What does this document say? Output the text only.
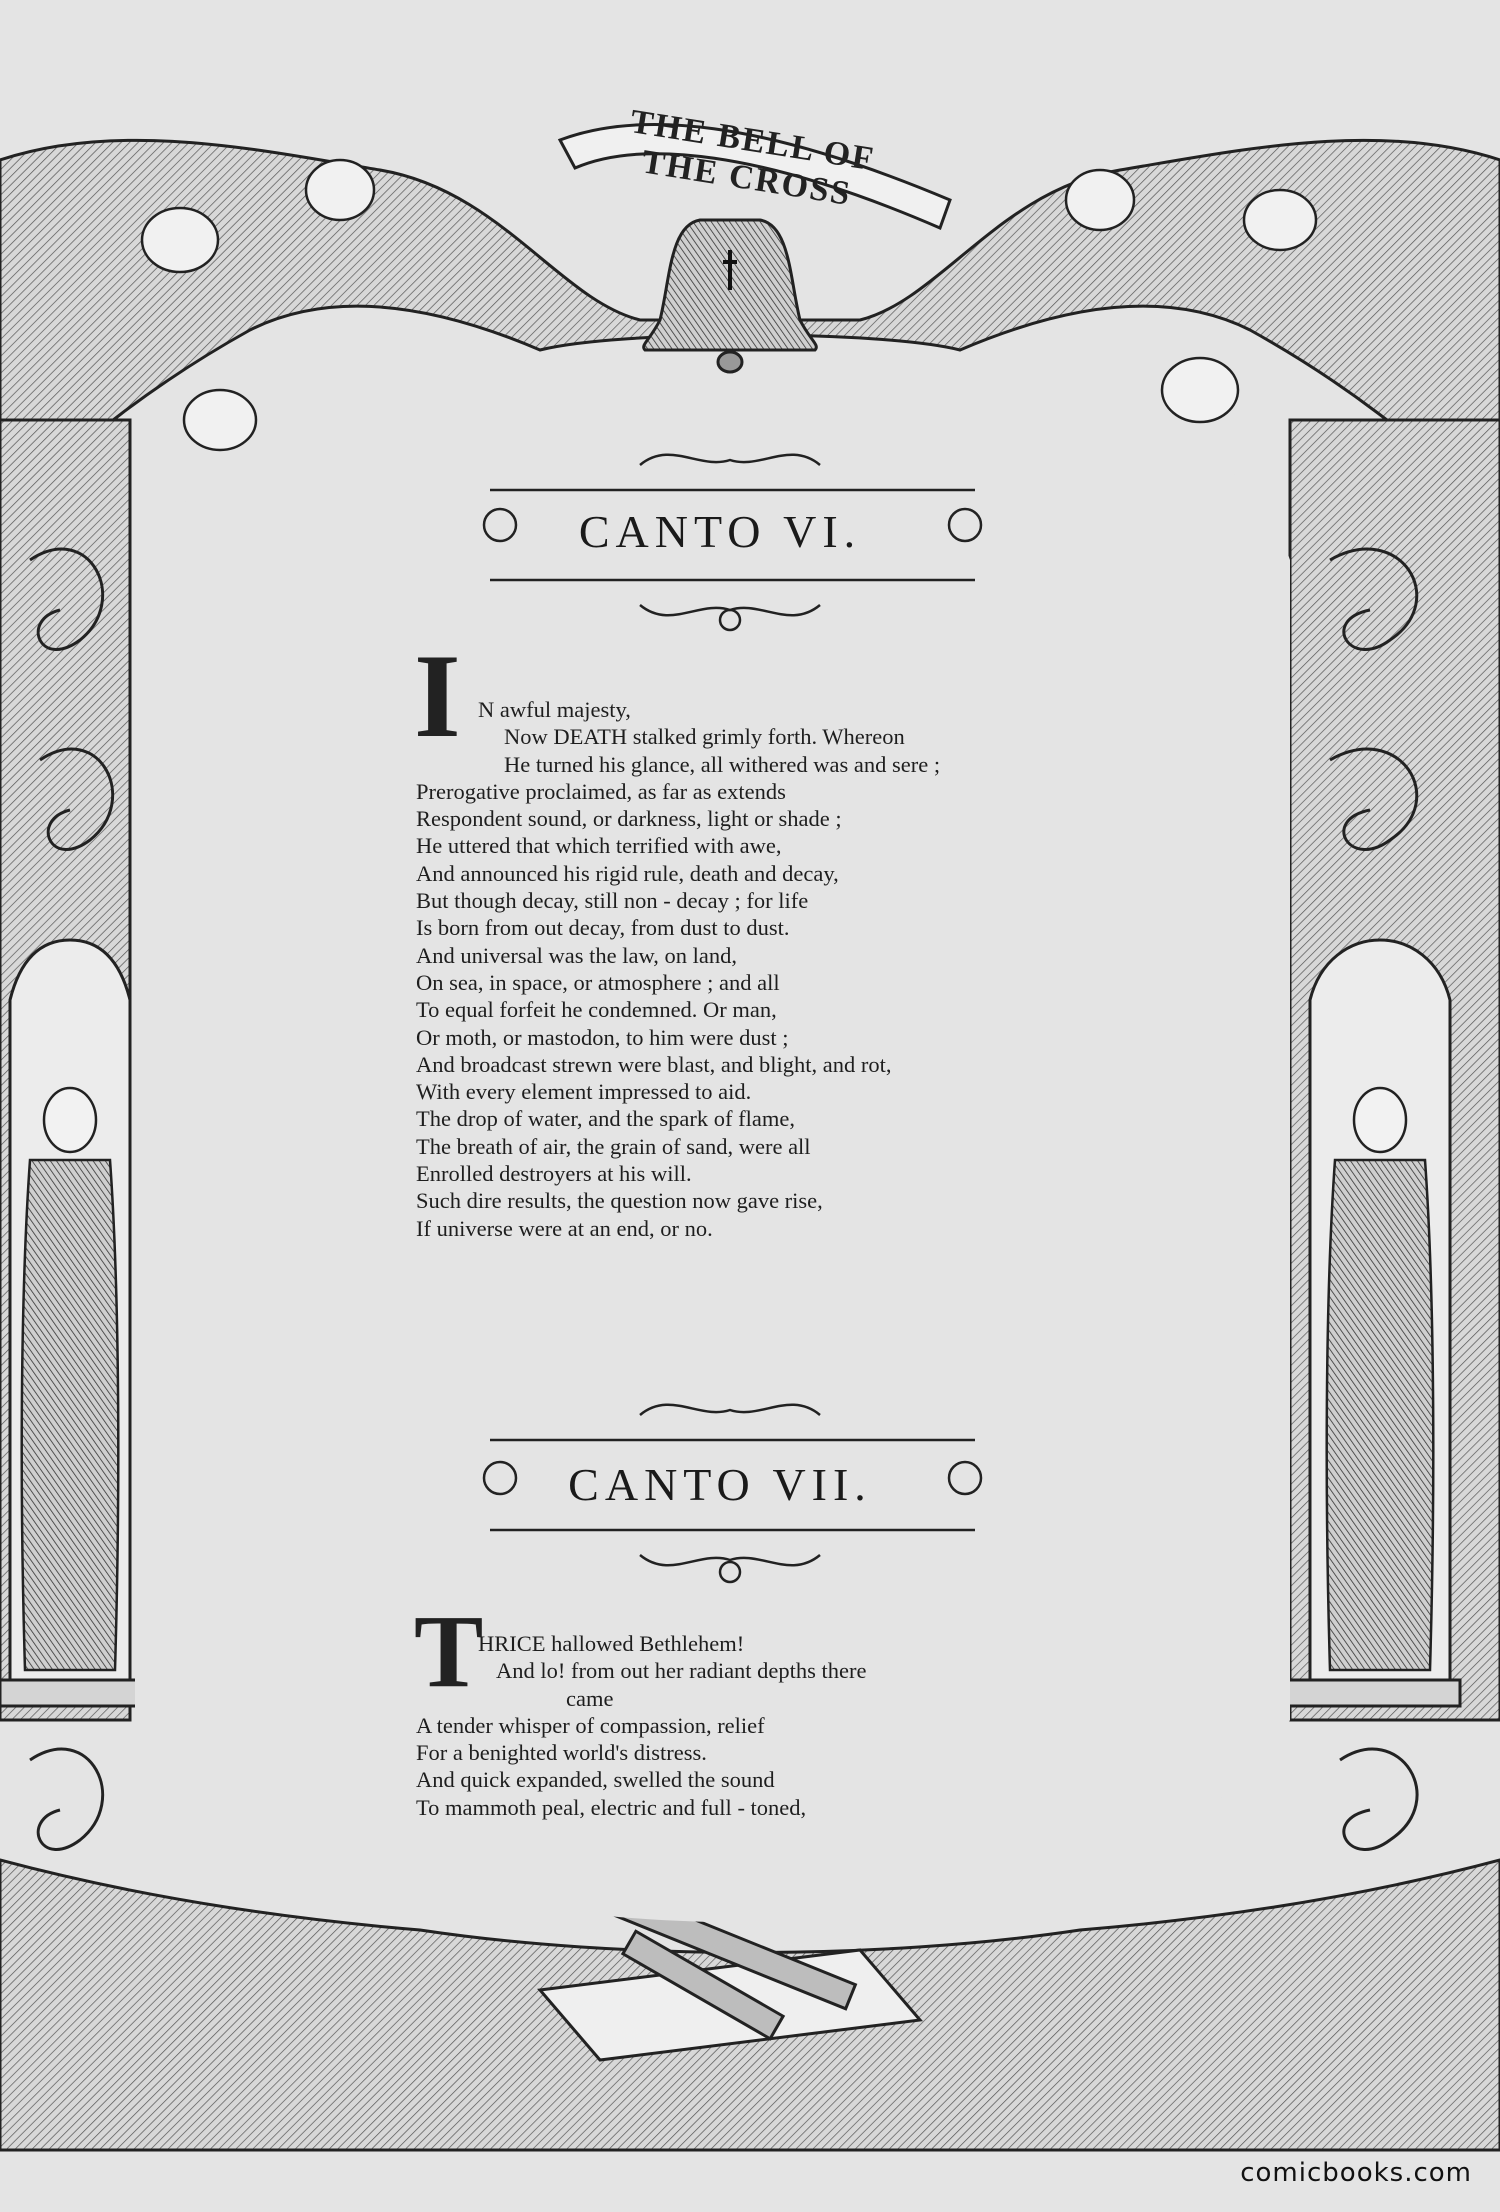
THE BELL OF THE CROSS
CANTO VI.
I N awful majesty,
Now DEATH stalked grimly forth. Whereon
He turned his glance, all withered was and sere ;
Prerogative proclaimed, as far as extends
Respondent sound, or darkness, light or shade ;
He uttered that which terrified with awe,
And announced his rigid rule, death and decay,
But though decay, still non - decay ; for life
Is born from out decay, from dust to dust.
And universal was the law, on land,
On sea, in space, or atmosphere ; and all
To equal forfeit he condemned. Or man,
Or moth, or mastodon, to him were dust ;
And broadcast strewn were blast, and blight, and rot,
With every element impressed to aid.
The drop of water, and the spark of flame,
The breath of air, the grain of sand, were all
Enrolled destroyers at his will.
Such dire results, the question now gave rise,
If universe were at an end, or no.
CANTO VII.
T
HRICE hallowed Bethlehem!
And lo! from out her radiant depths there
came
A tender whisper of compassion, relief
For a benighted world's distress.
And quick expanded, swelled the sound
To mammoth peal, electric and full - toned,
comicbooks.com
